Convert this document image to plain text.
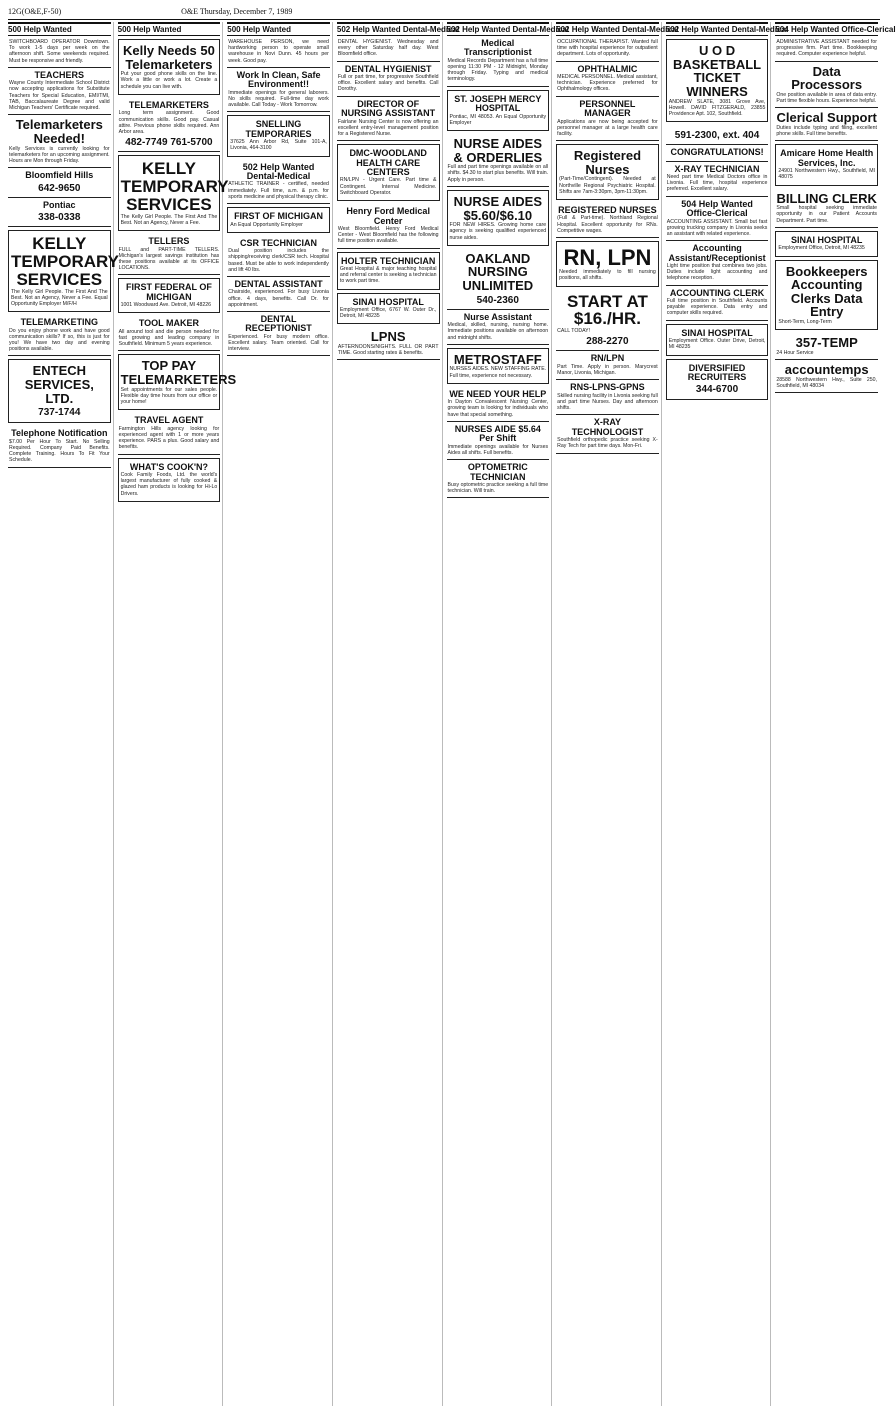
12G(O&E,F-50)	O&E Thursday, December 7, 1989
500 Help Wanted
SWITCHBOARD OPERATOR Downtown. To work 1-5 days per week on the afternoon shift. Some weekends required. Must be responsive and friendly.
TEACHERS
Wayne County Intermediate School District now accepting applications for Substitute Teachers for Special Education, EMI/TMI, TAB, Baccalaureate Degree and valid Michigan Teachers' Certificate required.
Telemarketers Needed!
Kelly Services is currently looking for telemarketers for an upcoming assignment. Hours are Mon through Friday.
Bloomfield Hills
642-9650
Pontiac
338-0338
KELLY TEMPORARY SERVICES
The Kelly Girl People. The First And The Best. Not an Agency, Never a Fee. Equal Opportunity Employer M/F/H
TELEMARKETING
Do you enjoy phone work and have good communication skills? If so, this is just for you! We have two day and evening positions available.
ENTECH SERVICES, LTD.
737-1744
Telephone Notification
$7.00 Per Hour To Start. No Selling Required. Company Paid Benefits. Complete Training. Hours To Fit Your Schedule.
500 Help Wanted
Kelly Needs 50 Telemarketers
Put your good phone skills on the line. Work a little or work a lot. Create a schedule you can live with.
TELEMARKETERS
Long term assignment. Good communication skills. Good pay. Casual attire. Previous phone skills required. Ann Arbor area.
482-7749 761-5700
KELLY TEMPORARY SERVICES
The Kelly Girl People. The First And The Best. Not an Agency, Never a Fee.
TELLERS
FULL and PART-TIME TELLERS. Michigan's largest savings institution has these positions available at its OFFICE LOCATIONS.
FIRST FEDERAL OF MICHIGAN
1001 Woodward Ave. Detroit, MI 48226
TOOL MAKER
All around tool and die person needed for fast growing and leading company in Southfield. Minimum 5 years experience.
TOP PAY TELEMARKETERS
Set appointments for our sales people. Flexible day time hours from our office or your home!
TRAVEL AGENT
Farmington Hills agency looking for experienced agent with 1 or more years experience. PARS a plus. Good salary and benefits.
WHAT'S COOK'N?
Cook Family Foods, Ltd. the world's largest manufacturer of fully cooked & glazed ham products is looking for Hi-Lo Drivers.
500 Help Wanted
WAREHOUSE PERSON, we need hardworking person to operate small warehouse in Novi Dunn. 45 hours per week. Good pay.
Work In Clean, Safe Environment!!
Immediate openings for general laborers. No skills required. Full-time day work available. Call Today - Work Tomorrow.
SNELLING TEMPORARIES
37625 Ann Arbor Rd, Suite 101-A, Livonia, 464-3100
502 Help Wanted Dental-Medical
ATHLETIC TRAINER - certified, needed immediately. Full time, a.m. & p.m. for sports medicine and physical therapy clinic.
FIRST OF MICHIGAN
An Equal Opportunity Employer
CSR TECHNICIAN
Dual position includes the shipping/receiving clerk/CSR tech. Hospital based. Must be able to work independently and lift 40 lbs.
DENTAL ASSISTANT
Chairside, experienced. For busy Livonia office. 4 days, benefits. Call Dr. for appointment.
DENTAL RECEPTIONIST
Experienced. For busy modern office. Excellent salary. Team oriented. Call for interview.
502 Help Wanted Dental-Medical
DENTAL HYGIENIST. Wednesday and every other Saturday half day. West Bloomfield office.
DENTAL HYGIENIST
Full or part time, for progressive Southfield office. Excellent salary and benefits. Call Dorothy.
DIRECTOR OF NURSING ASSISTANT
Fairlane Nursing Center is now offering an excellent entry-level management position for a Registered Nurse.
DMC-WOODLAND HEALTH CARE CENTERS
RN/LPN - Urgent Care. Part time & Contingent. Internal Medicine. Switchboard Operator.
Henry Ford Medical Center
West Bloomfield. Henry Ford Medical Center - West Bloomfield has the following full time position available.
HOLTER TECHNICIAN
Great Hospital & major teaching hospital and referral center is seeking a technician to work part time.
SINAI HOSPITAL
Employment Office, 6767 W. Outer Dr., Detroit, MI 48235
LPNS
AFTERNOONS/NIGHTS. FULL OR PART TIME. Good starting rates & benefits.
502 Help Wanted Dental-Medical
Medical Transcriptionist
Medical Records Department has a full time opening 11:30 PM - 12 Midnight, Monday through Friday. Typing and medical terminology.
ST. JOSEPH MERCY HOSPITAL
Pontiac, MI 48053. An Equal Opportunity Employer
NURSE AIDES & ORDERLIES
Full and part time openings available on all shifts. $4.30 to start plus benefits. Will train. Apply in person.
NURSE AIDES $5.60/$6.10
FOR NEW HIRES. Growing home care agency is seeking qualified experienced nurse aides.
OAKLAND NURSING UNLIMITED
540-2360
Nurse Assistant
Medical, skilled, nursing, nursing home. Immediate positions available on afternoon and midnight shifts.
METROSTAFF
NURSES AIDES. NEW STAFFING RATE. Full time, experience not necessary.
WE NEED YOUR HELP
In Dayton Convalescent Nursing Center, growing team is looking for individuals who have that special something.
NURSES AIDE $5.64 Per Shift
Immediate openings available for Nurses Aides all shifts. Full benefits.
OPTOMETRIC TECHNICIAN
Busy optometric practice seeking a full time technician. Will train.
502 Help Wanted Dental-Medical
OCCUPATIONAL THERAPIST. Wanted full time with hospital experience for outpatient department. Lots of opportunity.
OPHTHALMIC
MEDICAL PERSONNEL. Medical assistant, technician. Experience preferred for Ophthalmology offices.
PERSONNEL MANAGER
Applications are now being accepted for personnel manager at a large health care facility.
Registered Nurses
(Part-Time/Contingent). Needed at Northville Regional Psychiatric Hospital. Shifts are 7am-3:30pm, 3pm-11:30pm.
REGISTERED NURSES
(Full & Part-time). Northland Regional Hospital. Excellent opportunity for RNs. Competitive wages.
RN, LPN
Needed immediately to fill nursing positions, all shifts.
START AT $16./HR.
CALL TODAY!
288-2270
RN/LPN
Part Time. Apply in person. Marycrest Manor, Livonia, Michigan.
RNS-LPNS-GPNS
Skilled nursing facility in Livonia seeking full and part time Nurses. Day and afternoon shifts.
X-RAY TECHNOLOGIST
Southfield orthopedic practice seeking X-Ray Tech for part time days. Mon-Fri.
502 Help Wanted Dental-Medical
U O D BASKETBALL TICKET WINNERS
ANDREW SLATE, 3081 Grove Ave, Howell. DAVID FITZGERALD, 23855 Providence Apt. 102, Southfield.
591-2300, ext. 404
CONGRATULATIONS!
X-RAY TECHNICIAN
Need part time Medical Doctors office in Livonia. Full time, hospital experience preferred. Excellent salary.
504 Help Wanted Office-Clerical
ACCOUNTING ASSISTANT. Small but fast growing trucking company in Livonia seeks an assistant with related experience.
Accounting Assistant/Receptionist
Light time position that combines two jobs. Duties include light accounting and telephone reception.
ACCOUNTING CLERK
Full time position in Southfield. Accounts payable experience. Data entry and computer skills required.
SINAI HOSPITAL
Employment Office. Outer Drive, Detroit, MI 48235
DIVERSIFIED RECRUITERS
344-6700
504 Help Wanted Office-Clerical
ADMINISTRATIVE ASSISTANT needed for progressive firm. Part time. Bookkeeping required. Computer experience helpful.
Data Processors
One position available in area of data entry. Part time flexible hours. Experience helpful.
Clerical Support
Duties include typing and filing, excellent phone skills. Full time benefits.
Amicare Home Health Services, Inc.
24901 Northwestern Hwy., Southfield, MI 48075
BILLING CLERK
Small hospital seeking immediate opportunity in our Patient Accounts Department. Part time.
SINAI HOSPITAL
Employment Office, Detroit, MI 48235
Bookkeepers Accounting Clerks Data Entry
Short-Term, Long-Term
357-TEMP
24 Hour Service
accountemps
28588 Northwestern Hwy., Suite 250, Southfield, MI 48034
